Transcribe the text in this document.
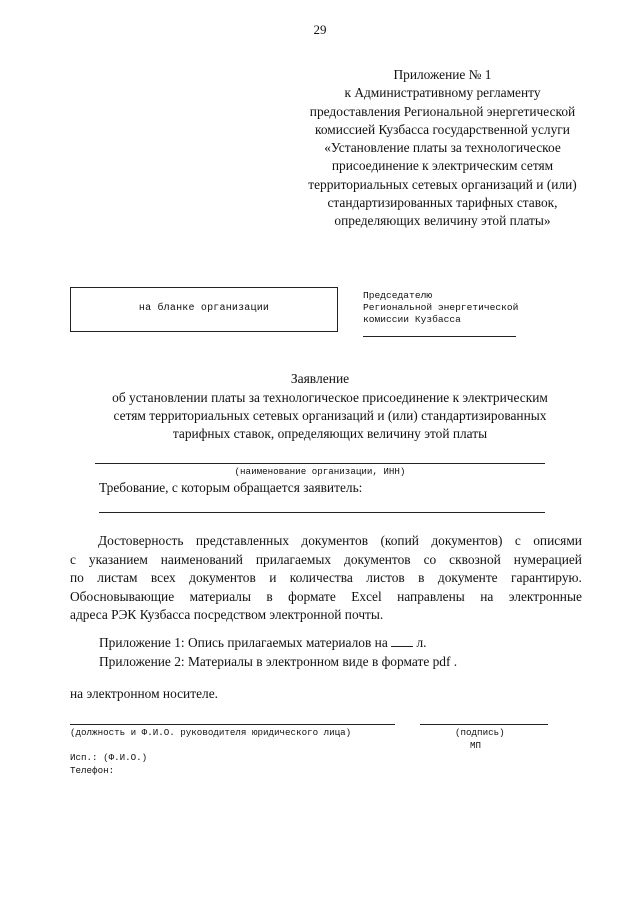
29
Приложение № 1
к Административному регламенту
предоставления Региональной энергетической
комиссией Кузбасса государственной услуги
«Установление платы за технологическое
присоединение к электрическим сетям
территориальных сетевых организаций и (или)
стандартизированных тарифных ставок,
определяющих величину этой платы»
на бланке организации
Председателю
Региональной энергетической
комиссии Кузбасса
Заявление
об установлении платы за технологическое присоединение к электрическим
сетям территориальных сетевых организаций и (или) стандартизированных
тарифных ставок, определяющих величину этой платы
(наименование организации, ИНН)
Требование, с которым обращается заявитель:
Достоверность представленных документов (копий документов) с описями
с указанием наименований прилагаемых документов со сквозной нумерацией
по листам всех документов и количества листов в документе гарантирую.
Обосновывающие материалы в формате Excel направлены на электронные
адреса РЭК Кузбасса посредством электронной почты.
Приложение 1: Опись прилагаемых материалов на л.
Приложение 2: Материалы в электронном виде в формате pdf .
на электронном носителе.
(должность и Ф.И.О. руководителя юридического лица)	(подпись)
МП
Исп.: (Ф.И.О.)
Телефон:
